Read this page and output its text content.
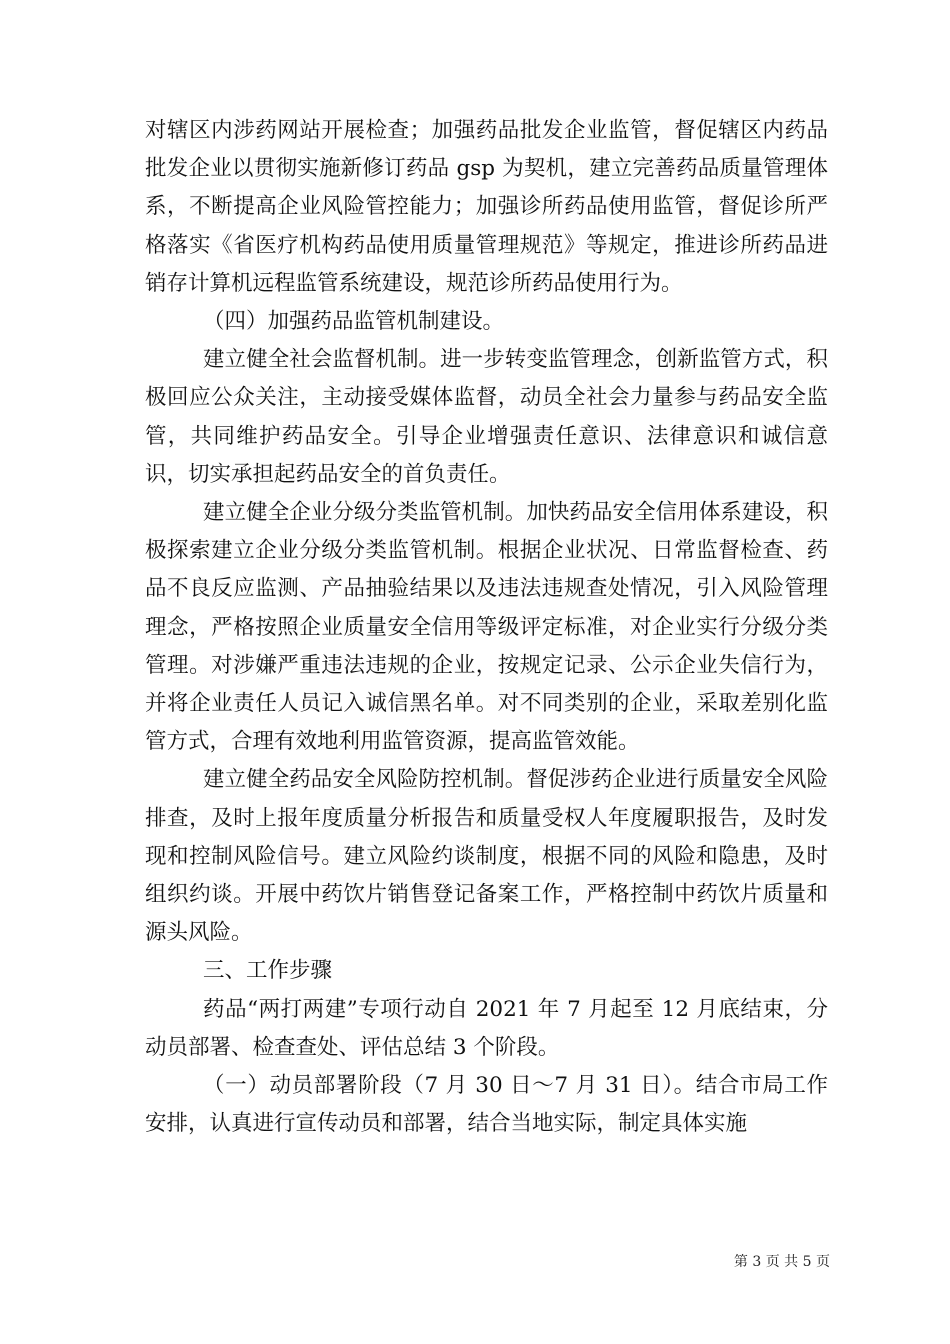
对辖区内涉药网站开展检查；加强药品批发企业监管，督促辖区内药品批发企业以贯彻实施新修订药品 gsp 为契机，建立完善药品质量管理体系，不断提高企业风险管控能力；加强诊所药品使用监管，督促诊所严格落实《省医疗机构药品使用质量管理规范》等规定，推进诊所药品进销存计算机远程监管系统建设，规范诊所药品使用行为。

（四）加强药品监管机制建设。

建立健全社会监督机制。进一步转变监管理念，创新监管方式，积极回应公众关注，主动接受媒体监督，动员全社会力量参与药品安全监管，共同维护药品安全。引导企业增强责任意识、法律意识和诚信意识，切实承担起药品安全的首负责任。

建立健全企业分级分类监管机制。加快药品安全信用体系建设，积极探索建立企业分级分类监管机制。根据企业状况、日常监督检查、药品不良反应监测、产品抽验结果以及违法违规查处情况，引入风险管理理念，严格按照企业质量安全信用等级评定标准，对企业实行分级分类管理。对涉嫌严重违法违规的企业，按规定记录、公示企业失信行为，并将企业责任人员记入诚信黑名单。对不同类别的企业，采取差别化监管方式，合理有效地利用监管资源，提高监管效能。

建立健全药品安全风险防控机制。督促涉药企业进行质量安全风险排查，及时上报年度质量分析报告和质量受权人年度履职报告，及时发现和控制风险信号。建立风险约谈制度，根据不同的风险和隐患，及时组织约谈。开展中药饮片销售登记备案工作，严格控制中药饮片质量和源头风险。

三、工作步骤

药品“两打两建”专项行动自 2021 年 7 月起至 12 月底结束，分动员部署、检查查处、评估总结 3 个阶段。

（一）动员部署阶段（7 月 30 日～7 月 31 日）。结合市局工作安排，认真进行宣传动员和部署，结合当地实际，制定具体实施

第 3 页 共 5 页
